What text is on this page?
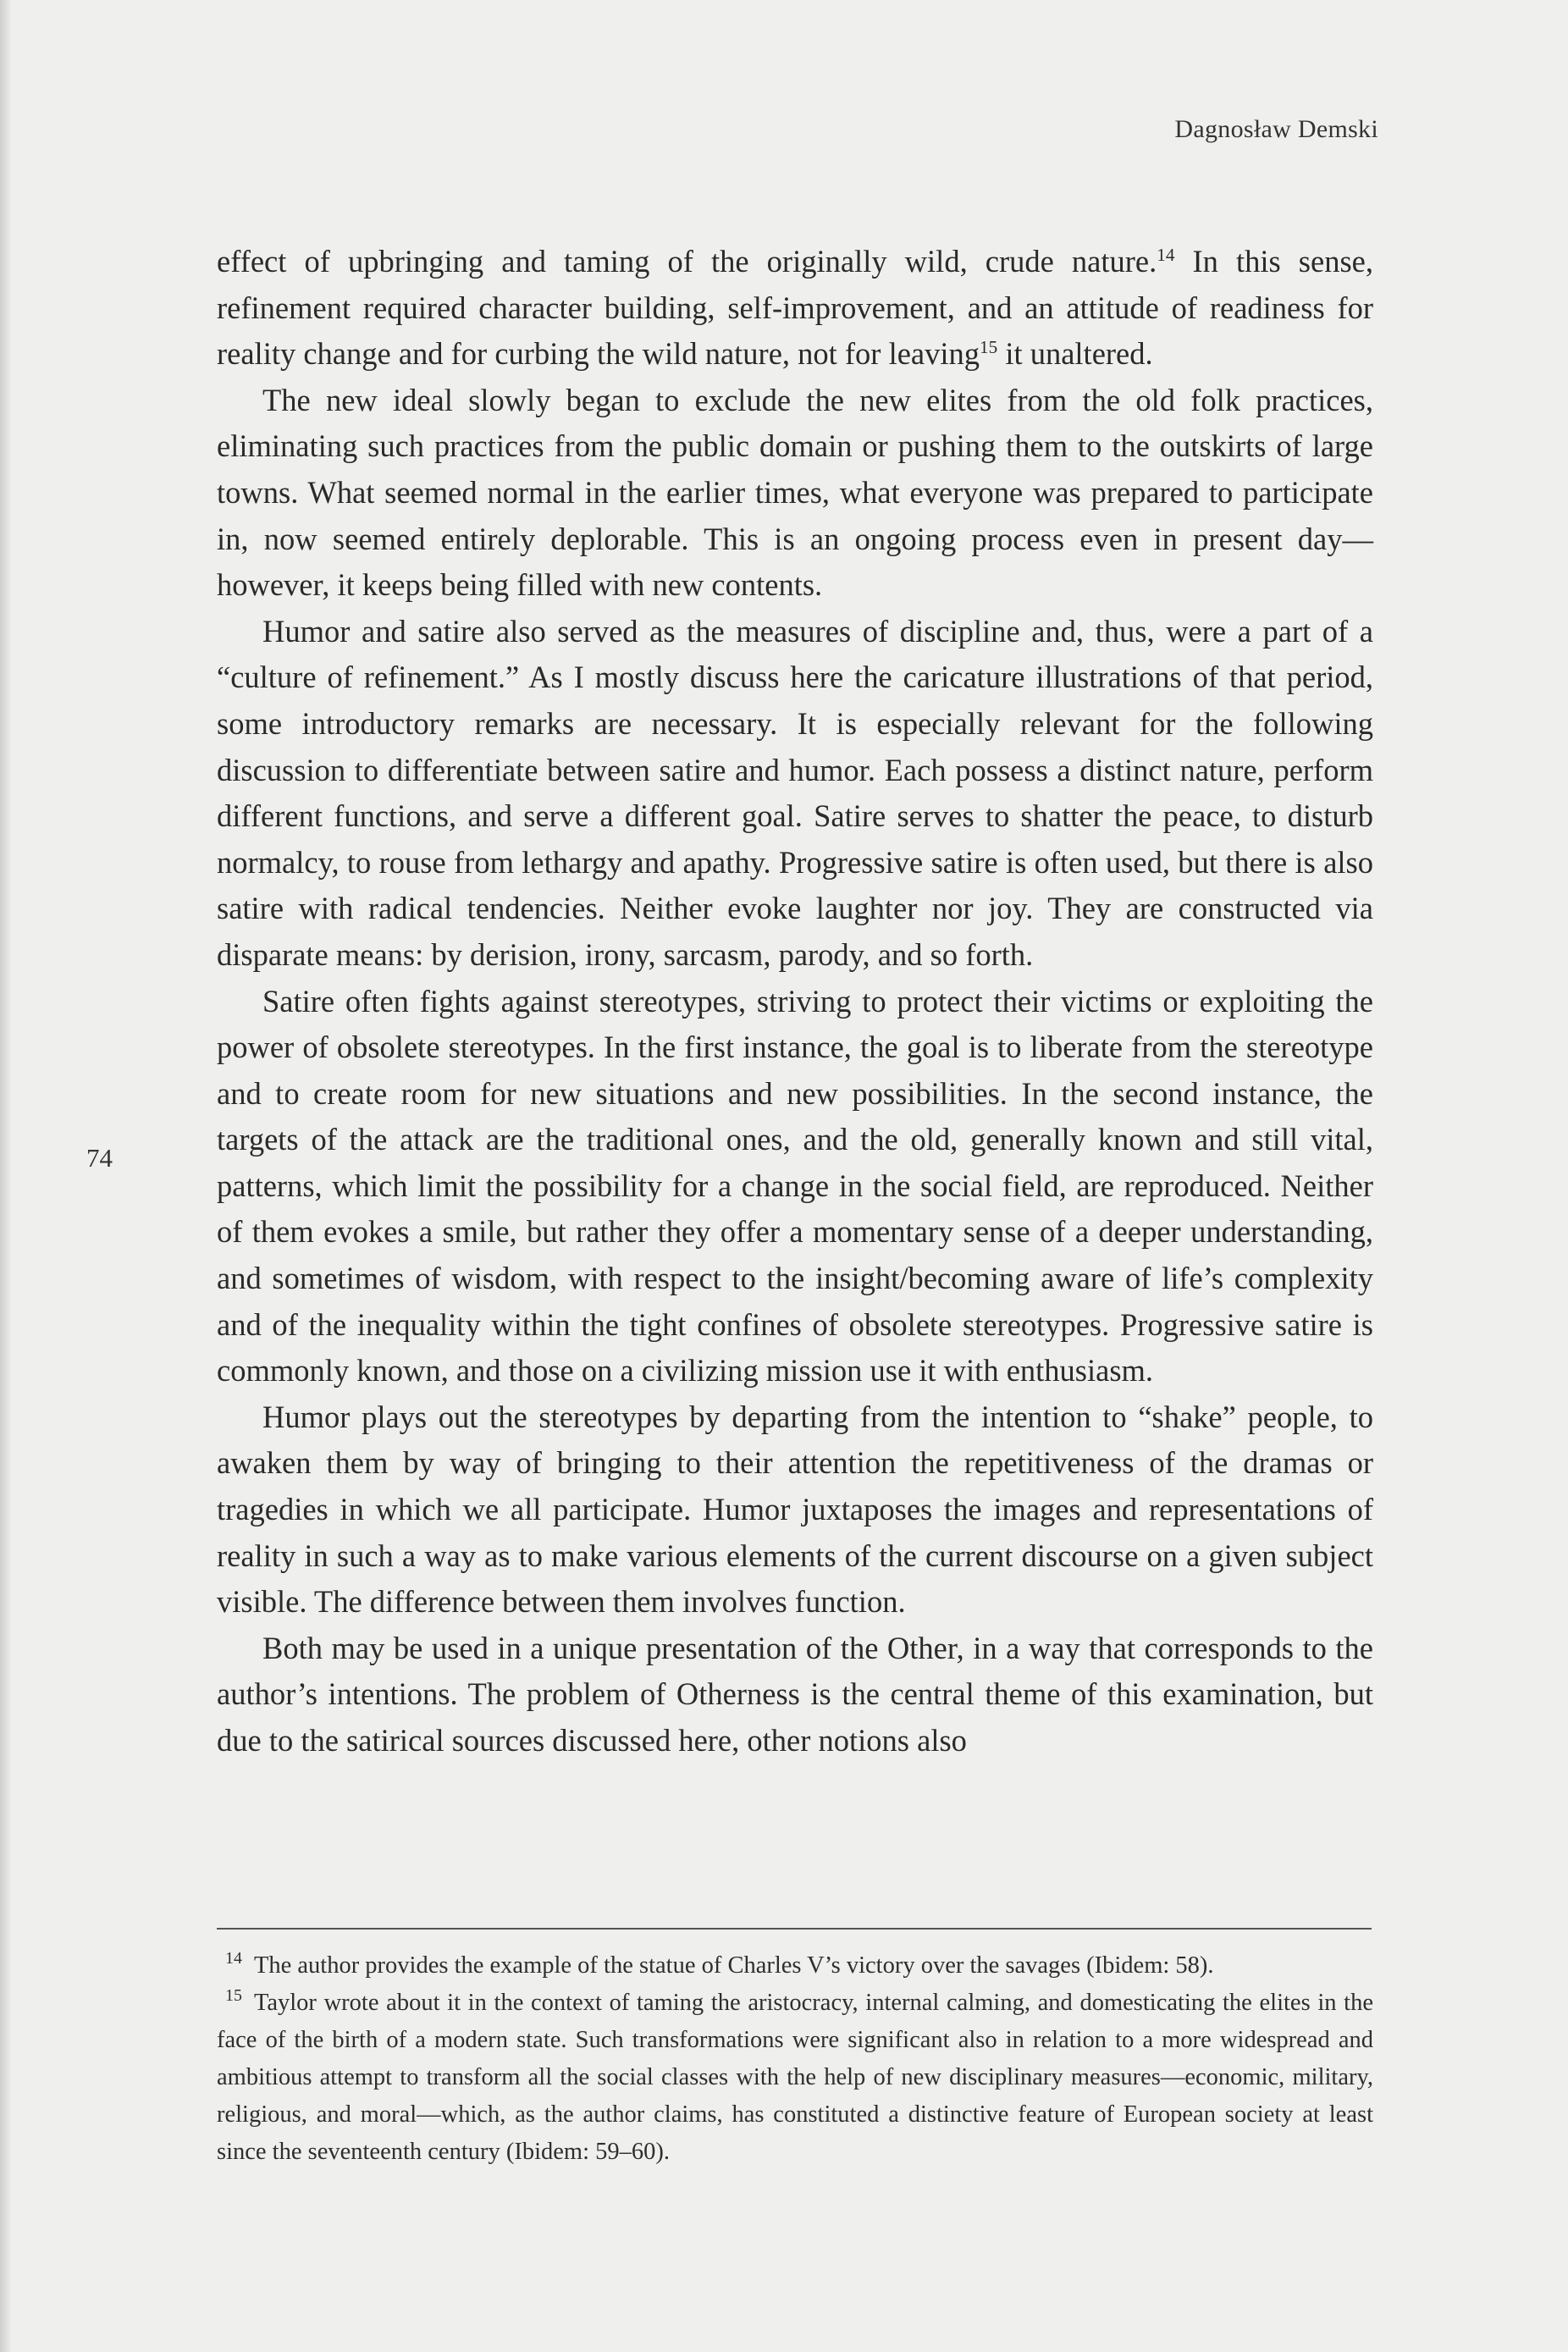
Dagnosław Demski
74

effect of upbringing and taming of the originally wild, crude nature.$^{14}$ In this sense, refinement required character building, self-improvement, and an attitude of readiness for reality change and for curbing the wild nature, not for leaving$^{15}$ it unaltered.

The new ideal slowly began to exclude the new elites from the old folk practices, eliminating such practices from the public domain or pushing them to the outskirts of large towns. What seemed normal in the earlier times, what everyone was prepared to participate in, now seemed entirely deplorable. This is an ongoing process even in present day—however, it keeps being filled with new contents.

Humor and satire also served as the measures of discipline and, thus, were a part of a “culture of refinement.” As I mostly discuss here the caricature illustrations of that period, some introductory remarks are necessary. It is especially relevant for the following discussion to differentiate between satire and humor. Each possess a distinct nature, perform different functions, and serve a different goal. Satire serves to shatter the peace, to disturb normalcy, to rouse from lethargy and apathy. Progressive satire is often used, but there is also satire with radical tendencies. Neither evoke laughter nor joy. They are constructed via disparate means: by derision, irony, sarcasm, parody, and so forth.

Satire often fights against stereotypes, striving to protect their victims or exploiting the power of obsolete stereotypes. In the first instance, the goal is to liberate from the stereotype and to create room for new situations and new possibilities. In the second instance, the targets of the attack are the traditional ones, and the old, generally known and still vital, patterns, which limit the possibility for a change in the social field, are reproduced. Neither of them evokes a smile, but rather they offer a momentary sense of a deeper understanding, and sometimes of wisdom, with respect to the insight/becoming aware of life’s complexity and of the inequality within the tight confines of obsolete stereotypes. Progressive satire is commonly known, and those on a civilizing mission use it with enthusiasm.

Humor plays out the stereotypes by departing from the intention to “shake” people, to awaken them by way of bringing to their attention the repetitiveness of the dramas or tragedies in which we all participate. Humor juxtaposes the images and representations of reality in such a way as to make various elements of the current discourse on a given subject visible. The difference between them involves function.

Both may be used in a unique presentation of the Other, in a way that corresponds to the author’s intentions. The problem of Otherness is the central theme of this examination, but due to the satirical sources discussed here, other notions also

$^{14}$ The author provides the example of the statue of Charles V’s victory over the savages (Ibidem: 58).

$^{15}$ Taylor wrote about it in the context of taming the aristocracy, internal calming, and domesticating the elites in the face of the birth of a modern state. Such transformations were significant also in relation to a more widespread and ambitious attempt to transform all the social classes with the help of new disciplinary measures—economic, military, religious, and moral—which, as the author claims, has constituted a distinctive feature of European society at least since the seventeenth century (Ibidem: 59–60).
